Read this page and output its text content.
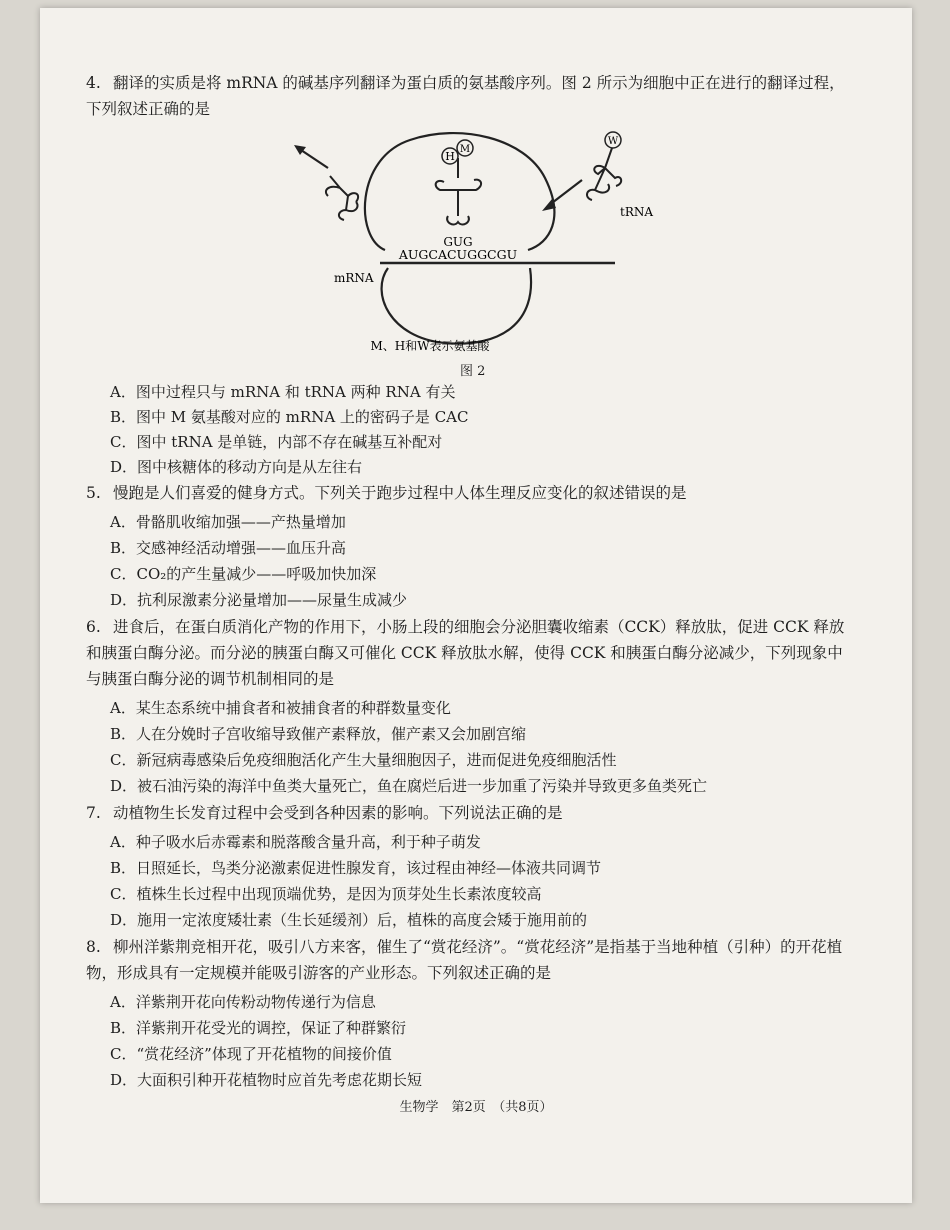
4. 翻译的实质是将 mRNA 的碱基序列翻译为蛋白质的氨基酸序列。图 2 所示为细胞中正在进行的翻译过程，下列叙述正确的是
H
M
W
tRNA
mRNA
GUG
AUGCACUGGCGU
M、H和W表示氨基酸
图 2
A．图中过程只与 mRNA 和 tRNA 两种 RNA 有关
B．图中 M 氨基酸对应的 mRNA 上的密码子是 CAC
C．图中 tRNA 是单链，内部不存在碱基互补配对
D．图中核糖体的移动方向是从左往右
5. 慢跑是人们喜爱的健身方式。下列关于跑步过程中人体生理反应变化的叙述错误的是
A．骨骼肌收缩加强——产热量增加
B．交感神经活动增强——血压升高
C．CO₂的产生量减少——呼吸加快加深
D．抗利尿激素分泌量增加——尿量生成减少
6. 进食后，在蛋白质消化产物的作用下，小肠上段的细胞会分泌胆囊收缩素（CCK）释放肽，促进 CCK 释放和胰蛋白酶分泌。而分泌的胰蛋白酶又可催化 CCK 释放肽水解，使得 CCK 和胰蛋白酶分泌减少，下列现象中与胰蛋白酶分泌的调节机制相同的是
A．某生态系统中捕食者和被捕食者的种群数量变化
B．人在分娩时子宫收缩导致催产素释放，催产素又会加剧宫缩
C．新冠病毒感染后免疫细胞活化产生大量细胞因子，进而促进免疫细胞活性
D．被石油污染的海洋中鱼类大量死亡，鱼在腐烂后进一步加重了污染并导致更多鱼类死亡
7. 动植物生长发育过程中会受到各种因素的影响。下列说法正确的是
A．种子吸水后赤霉素和脱落酸含量升高，利于种子萌发
B．日照延长，鸟类分泌激素促进性腺发育，该过程由神经—体液共同调节
C．植株生长过程中出现顶端优势，是因为顶芽处生长素浓度较高
D．施用一定浓度矮壮素（生长延缓剂）后，植株的高度会矮于施用前的
8. 柳州洋紫荆竞相开花，吸引八方来客，催生了“赏花经济”。“赏花经济”是指基于当地种植（引种）的开花植物，形成具有一定规模并能吸引游客的产业形态。下列叙述正确的是
A．洋紫荆开花向传粉动物传递行为信息
B．洋紫荆开花受光的调控，保证了种群繁衍
C．“赏花经济”体现了开花植物的间接价值
D．大面积引种开花植物时应首先考虑花期长短
生物学　第2页　（共8页）
